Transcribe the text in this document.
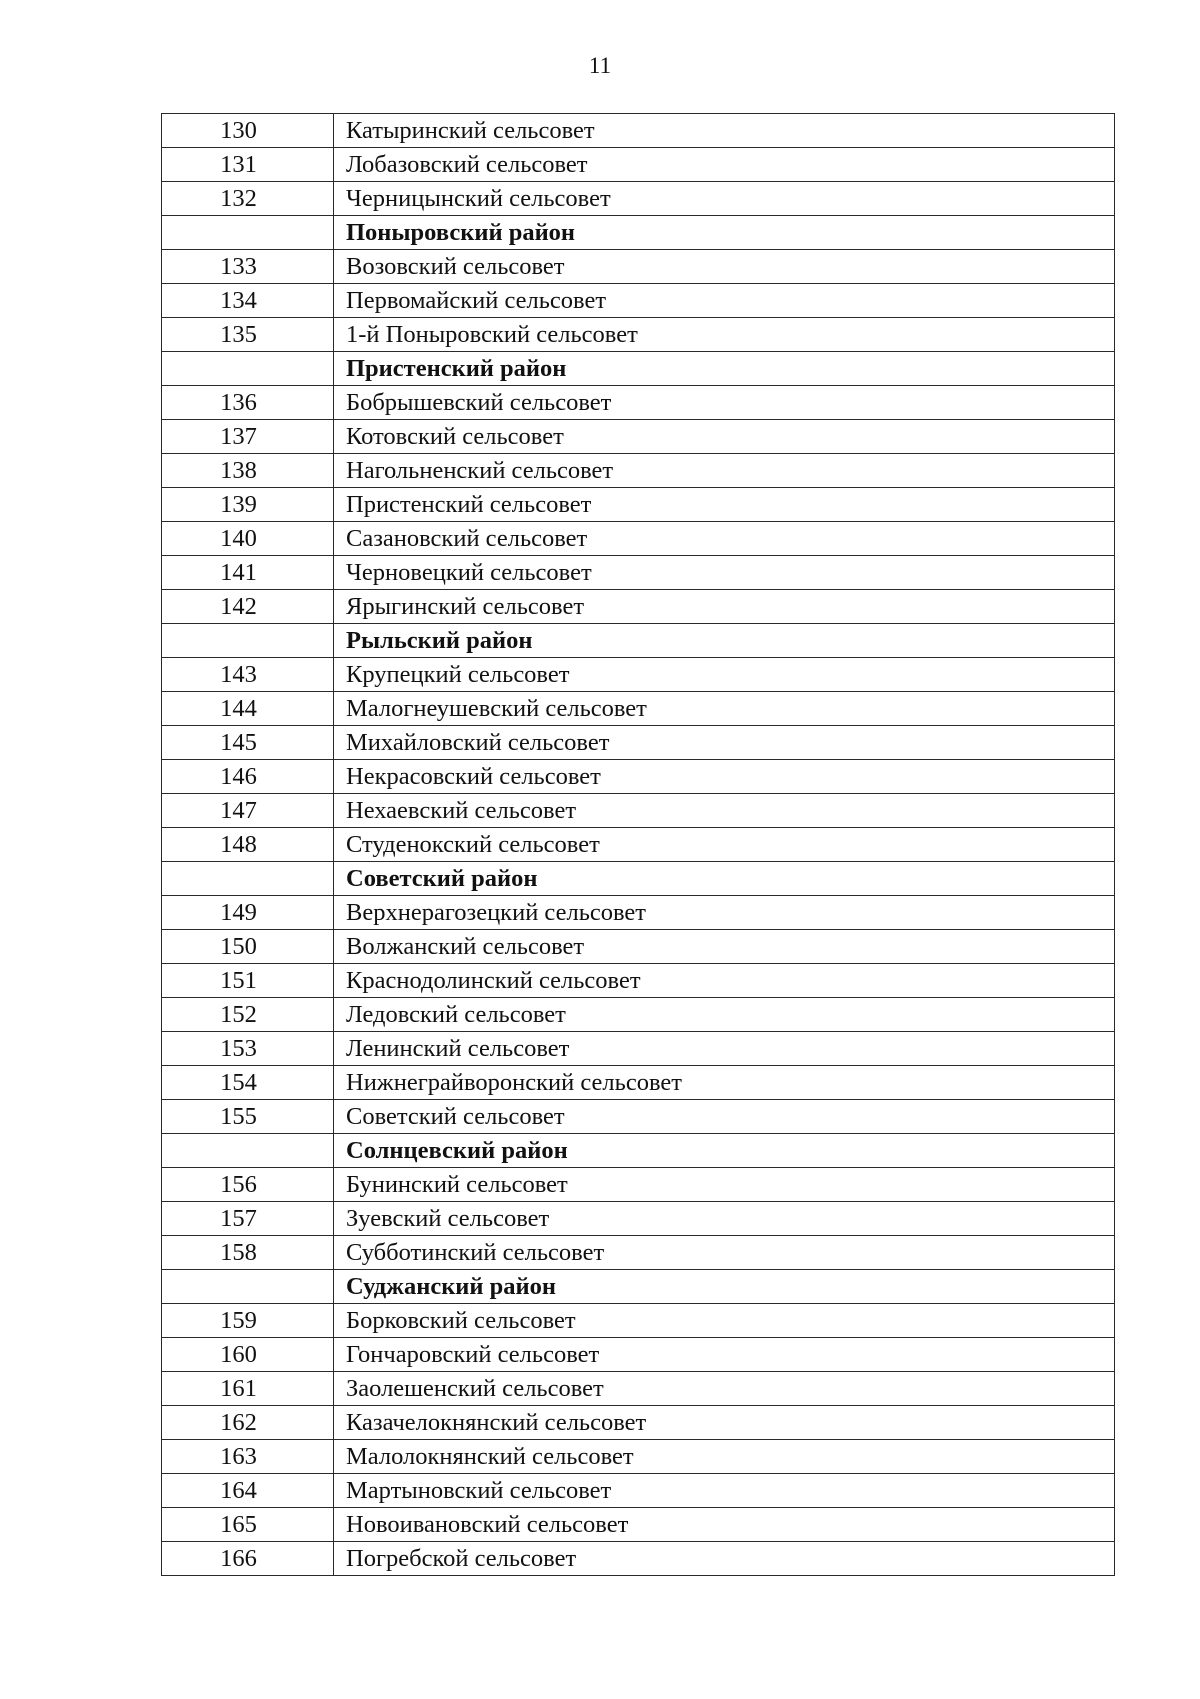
11
130	Катыринский сельсовет
131	Лобазовский сельсовет
132	Черницынский сельсовет
	Поныровский район
133	Возовский сельсовет
134	Первомайский сельсовет
135	1-й Поныровский сельсовет
	Пристенский район
136	Бобрышевский сельсовет
137	Котовский сельсовет
138	Нагольненский сельсовет
139	Пристенский сельсовет
140	Сазановский сельсовет
141	Черновецкий сельсовет
142	Ярыгинский сельсовет
	Рыльский район
143	Крупецкий сельсовет
144	Малогнеушевский сельсовет
145	Михайловский сельсовет
146	Некрасовский сельсовет
147	Нехаевский сельсовет
148	Студенокский сельсовет
	Советский район
149	Верхнерагозецкий сельсовет
150	Волжанский сельсовет
151	Краснодолинский сельсовет
152	Ледовский сельсовет
153	Ленинский сельсовет
154	Нижнеграйворонский сельсовет
155	Советский сельсовет
	Солнцевский район
156	Бунинский сельсовет
157	Зуевский сельсовет
158	Субботинский сельсовет
	Суджанский район
159	Борковский сельсовет
160	Гончаровский сельсовет
161	Заолешенский сельсовет
162	Казачелокнянский сельсовет
163	Малолокнянский сельсовет
164	Мартыновский сельсовет
165	Новоивановский сельсовет
166	Погребской сельсовет
